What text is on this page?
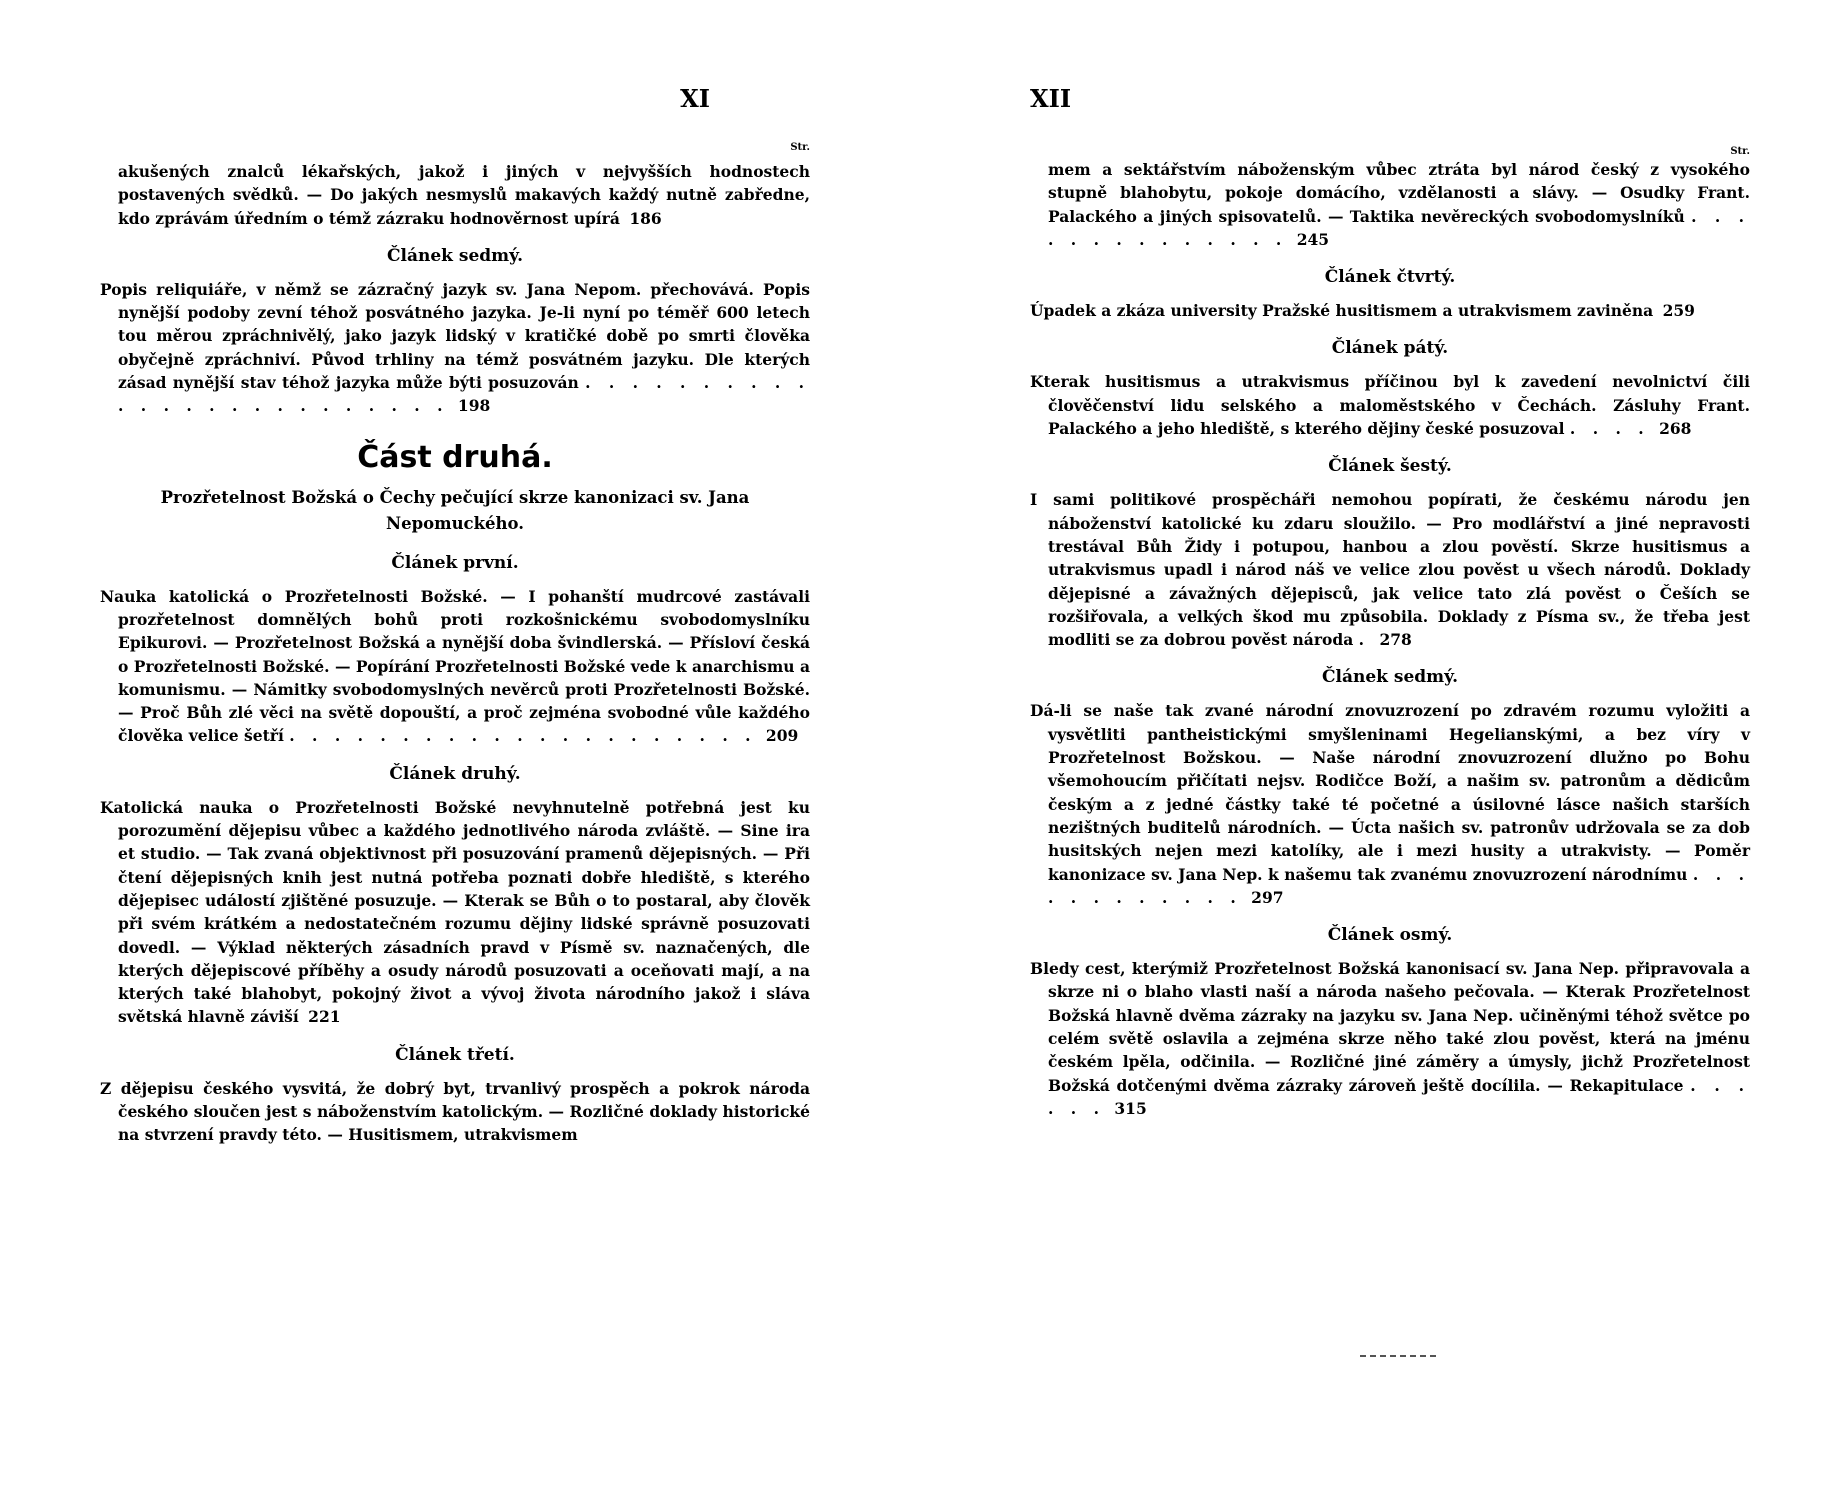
XI
Str.

akušených znalců lékařských, jakož i jiných v nejvyšších hodnostech postavených svědků. — Do jakých nesmyslů makavých každý nutně zabředne, kdo zprávám úředním o témž zázraku hodnověrnost upírá 186

Článek sedmý.

Popis reliquiáře, v němž se zázračný jazyk sv. Jana Nepom. přechovává. Popis nynější podoby zevní téhož posvátného jazyka. Je-li nyní po téměř 600 letech tou měrou zpráchnivělý, jako jazyk lidský v kratičké době po smrti člověka obyčejně zpráchniví. Původ trhliny na témž posvátném jazyku. Dle kterých zásad nynější stav téhož jazyka může býti posuzován . . . . . . . . . . . . . . . . . . . . . . . . . 198

Část druhá.
Prozřetelnost Božská o Čechy pečující skrze kanonizaci sv. Jana Nepomuckého.
Článek první.

Nauka katolická o Prozřetelnosti Božské. — I pohanští mudrcové zastávali prozřetelnost domnělých bohů proti rozkošnickému svobodomyslníku Epikurovi. — Prozřetelnost Božská a nynější doba švindlerská. — Přísloví česká o Prozřetelnosti Božské. — Popírání Prozřetelnosti Božské vede k anarchismu a komunismu. — Námitky svobodomyslných nevěrců proti Prozřetelnosti Božské. — Proč Bůh zlé věci na světě dopouští, a proč zejména svobodné vůle každého člověka velice šetří . . . . . . . . . . . . . . . . . . . . . 209

Článek druhý.

Katolická nauka o Prozřetelnosti Božské nevyhnutelně potřebná jest ku porozumění dějepisu vůbec a každého jednotlivého národa zvláště. — Sine ira et studio. — Tak zvaná objektivnost při posuzování pramenů dějepisných. — Při čtení dějepisných knih jest nutná potřeba poznati dobře hlediště, s kterého dějepisec událostí zjištěné posuzuje. — Kterak se Bůh o to postaral, aby člověk při svém krátkém a nedostatečném rozumu dějiny lidské správně posuzovati dovedl. — Výklad některých zásadních pravd v Písmě sv. naznačených, dle kterých dějepiscové příběhy a osudy národů posuzovati a oceňovati mají, a na kterých také blahobyt, pokojný život a vývoj života národního jakož i sláva světská hlavně záviší 221

Článek třetí.

Z dějepisu českého vysvitá, že dobrý byt, trvanlivý prospěch a pokrok národa českého sloučen jest s náboženstvím katolickým. — Rozličné doklady historické na stvrzení pravdy této. — Husitismem, utrakvismem

XII
Str.

mem a sektářstvím náboženským vůbec ztráta byl národ český z vysokého stupně blahobytu, pokoje domácího, vzdělanosti a slávy. — Osudky Frant. Palackého a jiných spisovatelů. — Taktika nevěreckých svobodomyslníků . . . . . . . . . . . . . . 245

Článek čtvrtý.

Úpadek a zkáza university Pražské husitismem a utrakvismem zaviněna 259

Článek pátý.

Kterak husitismus a utrakvismus příčinou byl k zavedení nevolnictví čili člověčenství lidu selského a maloměstského v Čechách. Zásluhy Frant. Palackého a jeho hlediště, s kterého dějiny české posuzoval . . . . 268

Článek šestý.

I sami politikové prospěcháři nemohou popírati, že českému národu jen náboženství katolické ku zdaru sloužilo. — Pro modlářství a jiné nepravosti trestával Bůh Židy i potupou, hanbou a zlou pověstí. Skrze husitismus a utrakvismus upadl i národ náš ve velice zlou pověst u všech národů. Doklady dějepisné a závažných dějepisců, jak velice tato zlá pověst o Češích se rozšiřovala, a velkých škod mu způsobila. Doklady z Písma sv., že třeba jest modliti se za dobrou pověst národa . 278

Článek sedmý.

Dá-li se naše tak zvané národní znovuzrození po zdravém rozumu vyložiti a vysvětliti pantheistickými smyšleninami Hegelianskými, a bez víry v Prozřetelnost Božskou. — Naše národní znovuzrození dlužno po Bohu všemohoucím přičítati nejsv. Rodičce Boží, a našim sv. patronům a dědicům českým a z jedné částky také té početné a úsilovné lásce našich starších nezištných buditelů národních. — Úcta našich sv. patronův udržovala se za dob husitských nejen mezi katolíky, ale i mezi husity a utrakvisty. — Poměr kanonizace sv. Jana Nep. k našemu tak zvanému znovuzrození národnímu . . . . . . . . . . . . 297

Článek osmý.

Bledy cest, kterýmiž Prozřetelnost Božská kanonisací sv. Jana Nep. připravovala a skrze ni o blaho vlasti naší a národa našeho pečovala. — Kterak Prozřetelnost Božská hlavně dvěma zázraky na jazyku sv. Jana Nep. učiněnými téhož světce po celém světě oslavila a zejména skrze něho také zlou pověst, která na jménu českém lpěla, odčinila. — Rozličné jiné záměry a úmysly, jichž Prozřetelnost Božská dotčenými dvěma zázraky zároveň ještě docílila. — Rekapitulace . . . . . . 315
